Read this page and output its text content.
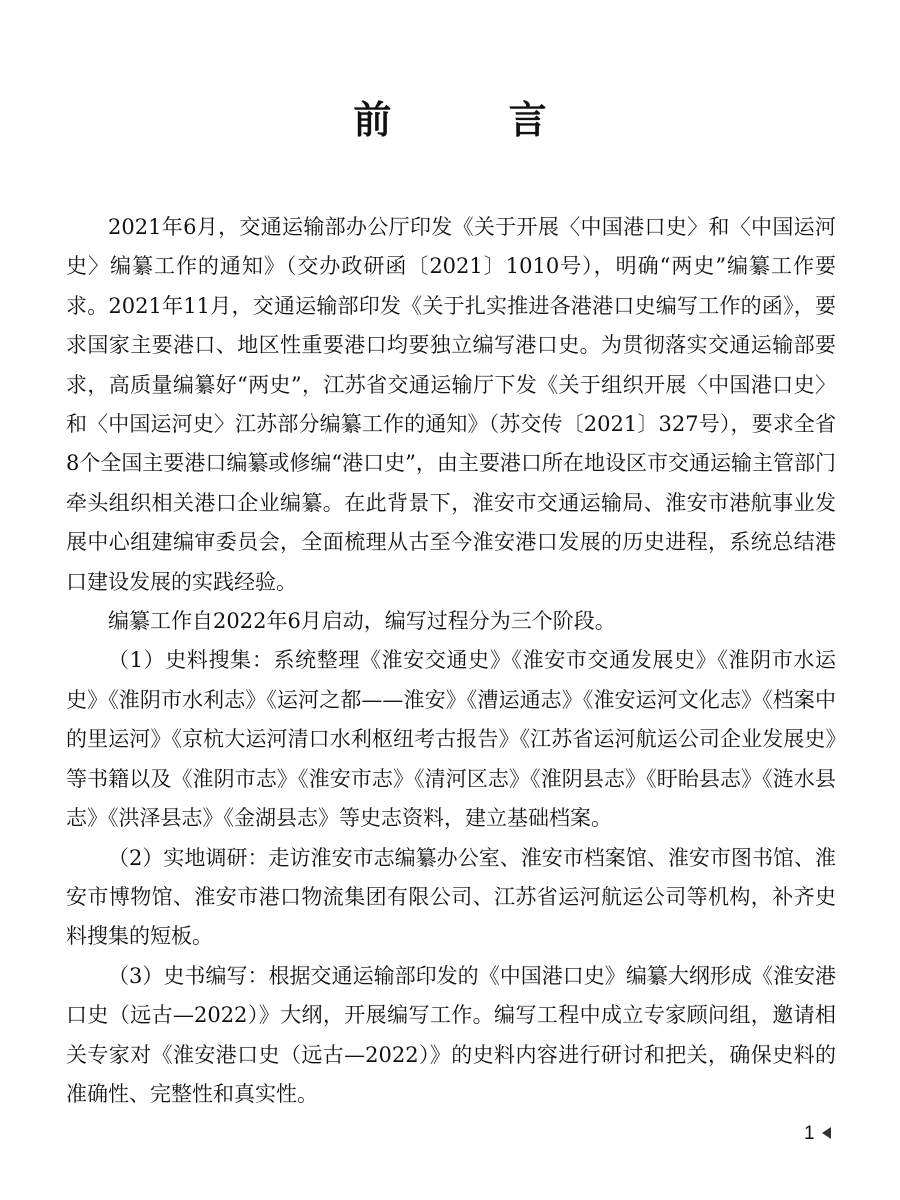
前 言

2021年6月，交通运输部办公厅印发《关于开展〈中国港口史〉和〈中国运河史〉编纂工作的通知》（交办政研函〔2021〕1010号），明确“两史”编纂工作要求。2021年11月，交通运输部印发《关于扎实推进各港港口史编写工作的函》，要求国家主要港口、地区性重要港口均要独立编写港口史。为贯彻落实交通运输部要求，高质量编纂好“两史”，江苏省交通运输厅下发《关于组织开展〈中国港口史〉和〈中国运河史〉江苏部分编纂工作的通知》（苏交传〔2021〕327号），要求全省8个全国主要港口编纂或修编“港口史”，由主要港口所在地设区市交通运输主管部门牵头组织相关港口企业编纂。在此背景下，淮安市交通运输局、淮安市港航事业发展中心组建编审委员会，全面梳理从古至今淮安港口发展的历史进程，系统总结港口建设发展的实践经验。

编纂工作自2022年6月启动，编写过程分为三个阶段。

（1）史料搜集：系统整理《淮安交通史》《淮安市交通发展史》《淮阴市水运史》《淮阴市水利志》《运河之都——淮安》《漕运通志》《淮安运河文化志》《档案中的里运河》《京杭大运河清口水利枢纽考古报告》《江苏省运河航运公司企业发展史》等书籍以及《淮阴市志》《淮安市志》《清河区志》《淮阴县志》《盱眙县志》《涟水县志》《洪泽县志》《金湖县志》等史志资料，建立基础档案。

（2）实地调研：走访淮安市志编纂办公室、淮安市档案馆、淮安市图书馆、淮安市博物馆、淮安市港口物流集团有限公司、江苏省运河航运公司等机构，补齐史料搜集的短板。

（3）史书编写：根据交通运输部印发的《中国港口史》编纂大纲形成《淮安港口史（远古—2022）》大纲，开展编写工作。编写工程中成立专家顾问组，邀请相关专家对《淮安港口史（远古—2022）》的史料内容进行研讨和把关，确保史料的准确性、完整性和真实性。

1
